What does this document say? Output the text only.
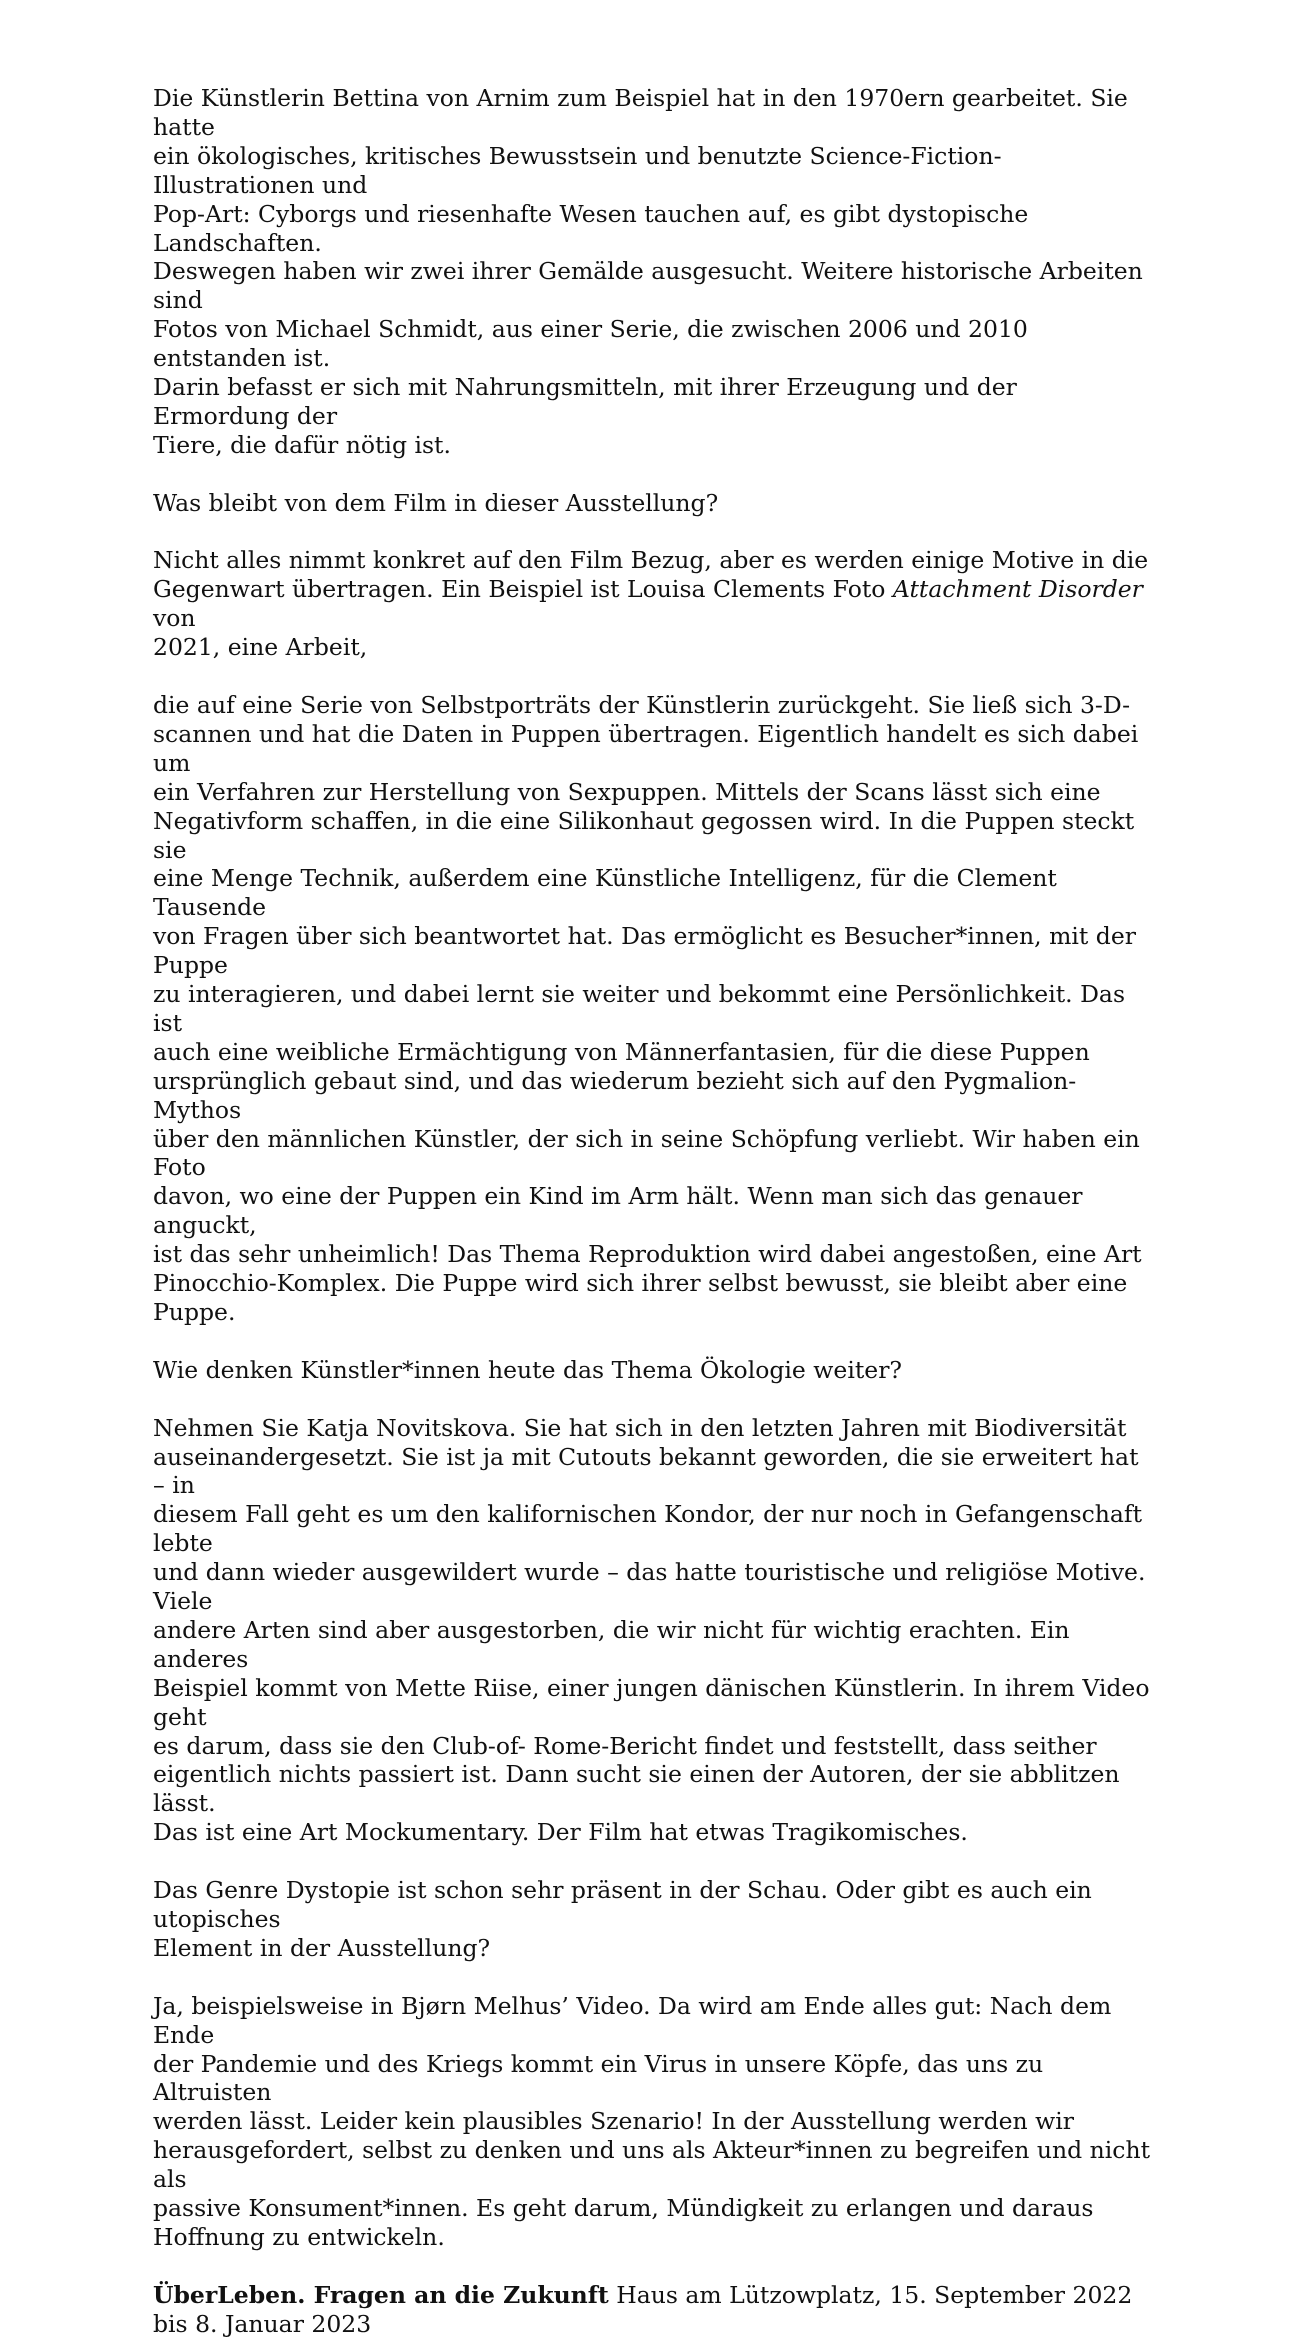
Die Künstlerin Bettina von Arnim zum Beispiel hat in den 1970ern gearbeitet. Sie hatte
ein ökologisches, kritisches Bewusstsein und benutzte Science-Fiction-Illustrationen und
Pop-Art: Cyborgs und riesenhafte Wesen tauchen auf, es gibt dystopische Landschaften.
Deswegen haben wir zwei ihrer Gemälde ausgesucht. Weitere historische Arbeiten sind
Fotos von Michael Schmidt, aus einer Serie, die zwischen 2006 und 2010 entstanden ist.
Darin befasst er sich mit Nahrungsmitteln, mit ihrer Erzeugung und der Ermordung der
Tiere, die dafür nötig ist.

Was bleibt von dem Film in dieser Ausstellung?

Nicht alles nimmt konkret auf den Film Bezug, aber es werden einige Motive in die
Gegenwart übertragen. Ein Beispiel ist Louisa Clements Foto Attachment Disorder von
2021, eine Arbeit,

die auf eine Serie von Selbstporträts der Künstlerin zurückgeht. Sie ließ sich 3-D-
scannen und hat die Daten in Puppen übertragen. Eigentlich handelt es sich dabei um
ein Verfahren zur Herstellung von Sexpuppen. Mittels der Scans lässt sich eine
Negativform schaffen, in die eine Silikonhaut gegossen wird. In die Puppen steckt sie
eine Menge Technik, außerdem eine Künstliche Intelligenz, für die Clement Tausende
von Fragen über sich beantwortet hat. Das ermöglicht es Besucher*innen, mit der Puppe
zu interagieren, und dabei lernt sie weiter und bekommt eine Persönlichkeit. Das ist
auch eine weibliche Ermächtigung von Männerfantasien, für die diese Puppen
ursprünglich gebaut sind, und das wiederum bezieht sich auf den Pygmalion-Mythos
über den männlichen Künstler, der sich in seine Schöpfung verliebt. Wir haben ein Foto
davon, wo eine der Puppen ein Kind im Arm hält. Wenn man sich das genauer anguckt,
ist das sehr unheimlich! Das Thema Reproduktion wird dabei angestoßen, eine Art
Pinocchio-Komplex. Die Puppe wird sich ihrer selbst bewusst, sie bleibt aber eine Puppe.

Wie denken Künstler*innen heute das Thema Ökologie weiter?

Nehmen Sie Katja Novitskova. Sie hat sich in den letzten Jahren mit Biodiversität
auseinandergesetzt. Sie ist ja mit Cutouts bekannt geworden, die sie erweitert hat – in
diesem Fall geht es um den kalifornischen Kondor, der nur noch in Gefangenschaft lebte
und dann wieder ausgewildert wurde – das hatte touristische und religiöse Motive. Viele
andere Arten sind aber ausgestorben, die wir nicht für wichtig erachten. Ein anderes
Beispiel kommt von Mette Riise, einer jungen dänischen Künstlerin. In ihrem Video geht
es darum, dass sie den Club-of- Rome-Bericht findet und feststellt, dass seither
eigentlich nichts passiert ist. Dann sucht sie einen der Autoren, der sie abblitzen lässt.
Das ist eine Art Mockumentary. Der Film hat etwas Tragikomisches.

Das Genre Dystopie ist schon sehr präsent in der Schau. Oder gibt es auch ein utopisches
Element in der Ausstellung?

Ja, beispielsweise in Bjørn Melhus’ Video. Da wird am Ende alles gut: Nach dem Ende
der Pandemie und des Kriegs kommt ein Virus in unsere Köpfe, das uns zu Altruisten
werden lässt. Leider kein plausibles Szenario! In der Ausstellung werden wir
herausgefordert, selbst zu denken und uns als Akteur*innen zu begreifen und nicht als
passive Konsument*innen. Es geht darum, Mündigkeit zu erlangen und daraus
Hoffnung zu entwickeln.

ÜberLeben. Fragen an die Zukunft Haus am Lützowplatz, 15. September 2022 bis 8. Januar 2023
